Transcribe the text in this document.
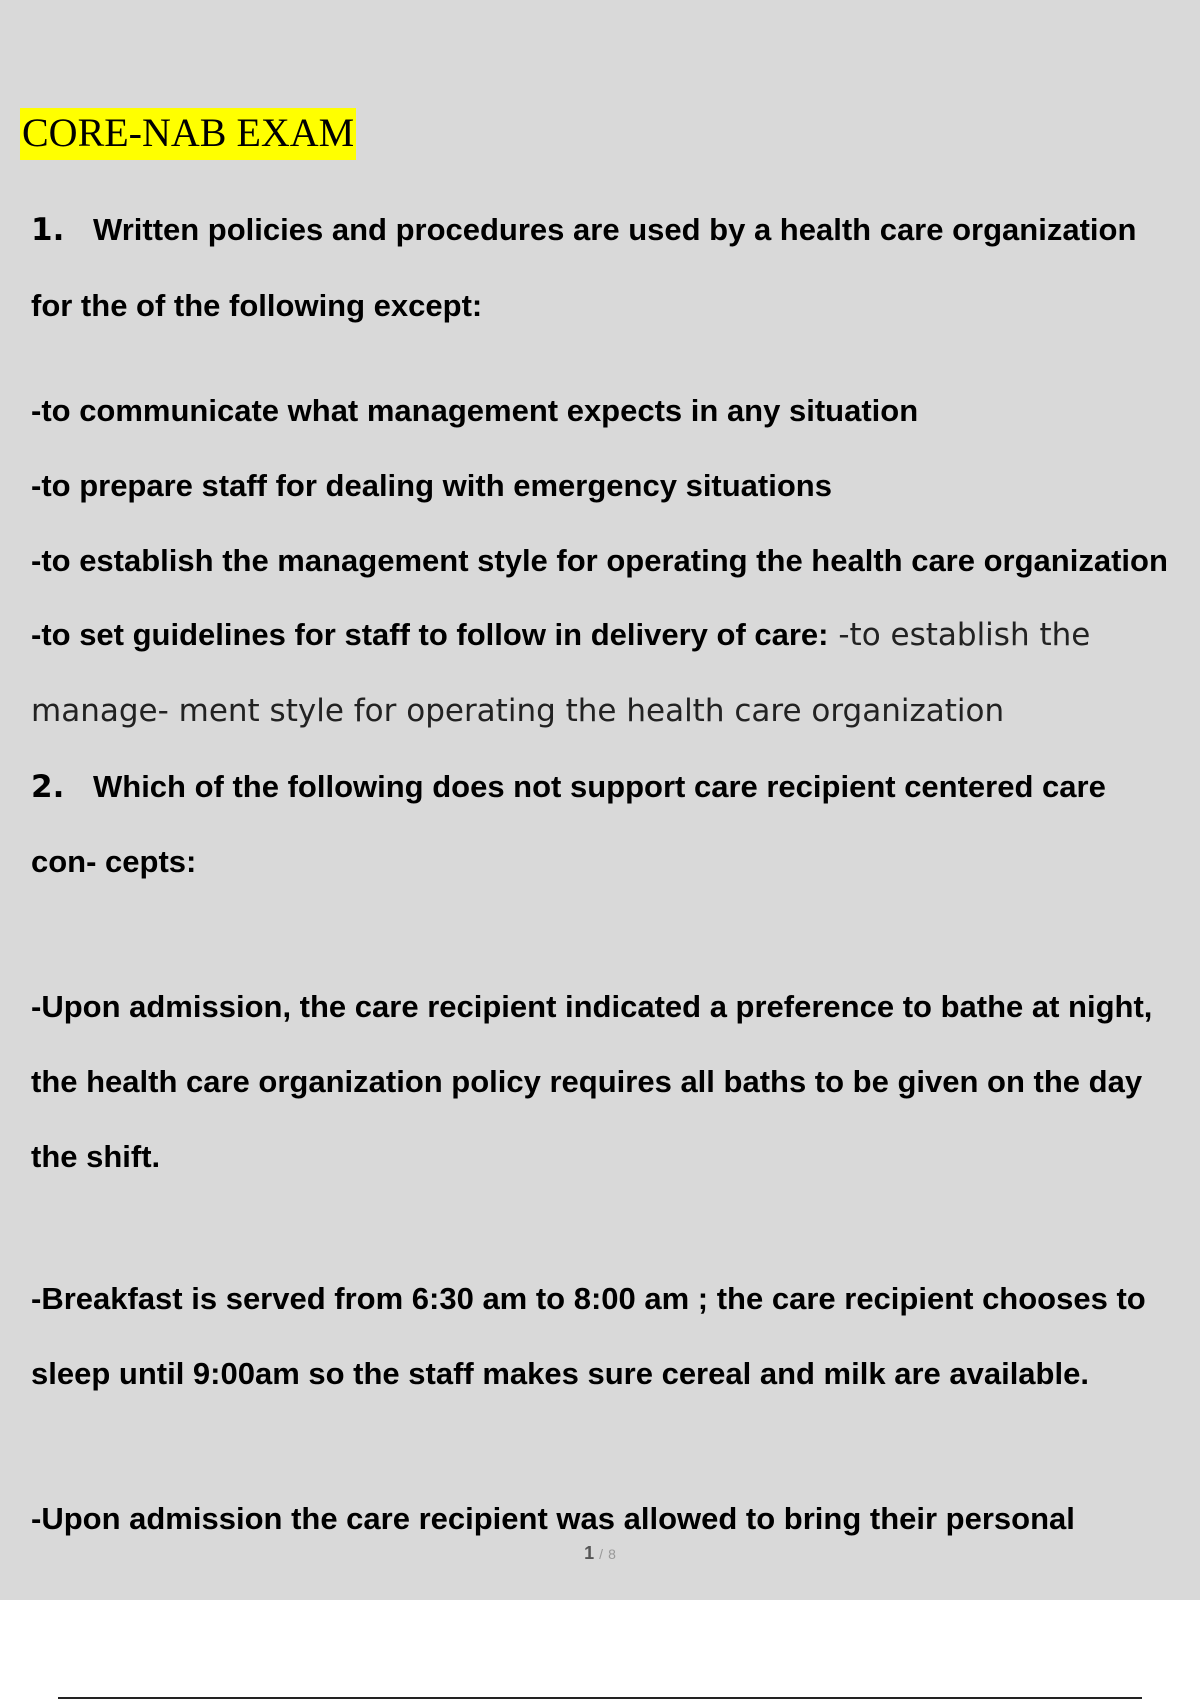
CORE-NAB EXAM
1. Written policies and procedures are used by a health care organization
for the of the following except:
-to communicate what management expects in any situation
-to prepare staff for dealing with emergency situations
-to establish the management style for operating the health care organization
-to set guidelines for staff to follow in delivery of care: -to establish the
manage- ment style for operating the health care organization
2. Which of the following does not support care recipient centered care
con- cepts:
-Upon admission, the care recipient indicated a preference to bathe at night,
the health care organization policy requires all baths to be given on the day
the shift.
-Breakfast is served from 6:30 am to 8:00 am ; the care recipient chooses to
sleep until 9:00am so the staff makes sure cereal and milk are available.
-Upon admission the care recipient was allowed to bring their personal
1 / 8
